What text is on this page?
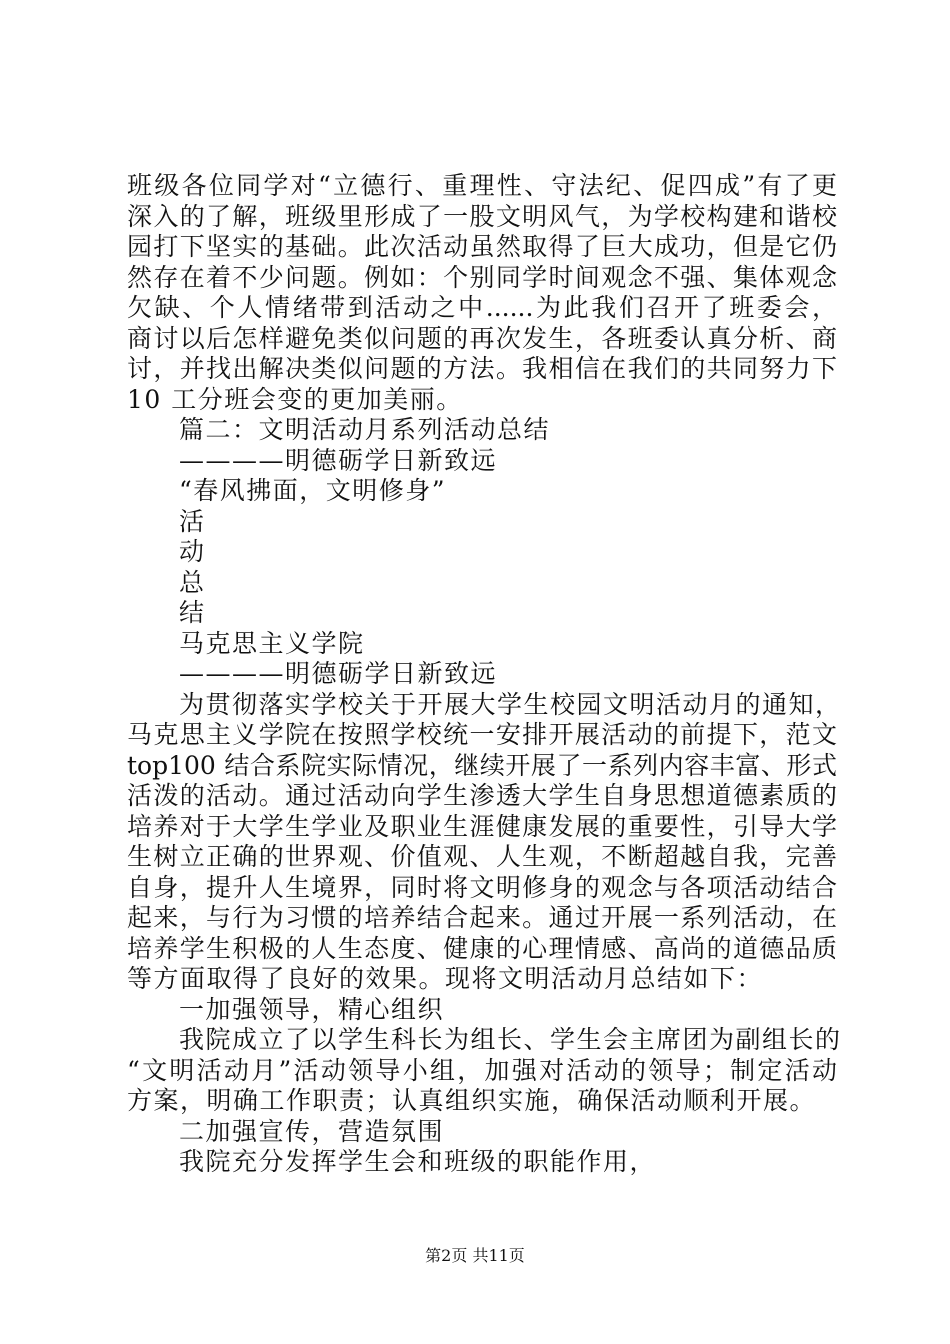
班级各位同学对“立德行、重理性、守法纪、促四成”有了更
深入的了解，班级里形成了一股文明风气，为学校构建和谐校
园打下坚实的基础。此次活动虽然取得了巨大成功，但是它仍
然存在着不少问题。例如：个别同学时间观念不强、集体观念
欠缺、个人情绪带到活动之中......为此我们召开了班委会，
商讨以后怎样避免类似问题的再次发生，各班委认真分析、商
讨，并找出解决类似问题的方法。我相信在我们的共同努力下
10 工分班会变的更加美丽。
篇二：文明活动月系列活动总结
————明德砺学日新致远
“春风拂面，文明修身”
活
动
总
结
马克思主义学院
————明德砺学日新致远
为贯彻落实学校关于开展大学生校园文明活动月的通知，
马克思主义学院在按照学校统一安排开展活动的前提下，范文
top100 结合系院实际情况，继续开展了一系列内容丰富、形式
活泼的活动。通过活动向学生渗透大学生自身思想道德素质的
培养对于大学生学业及职业生涯健康发展的重要性，引导大学
生树立正确的世界观、价值观、人生观，不断超越自我，完善
自身，提升人生境界，同时将文明修身的观念与各项活动结合
起来，与行为习惯的培养结合起来。通过开展一系列活动，在
培养学生积极的人生态度、健康的心理情感、高尚的道德品质
等方面取得了良好的效果。现将文明活动月总结如下：
一加强领导，精心组织
我院成立了以学生科长为组长、学生会主席团为副组长的
“文明活动月”活动领导小组，加强对活动的领导；制定活动
方案，明确工作职责；认真组织实施，确保活动顺利开展。
二加强宣传，营造氛围
我院充分发挥学生会和班级的职能作用，
第2页 共11页
